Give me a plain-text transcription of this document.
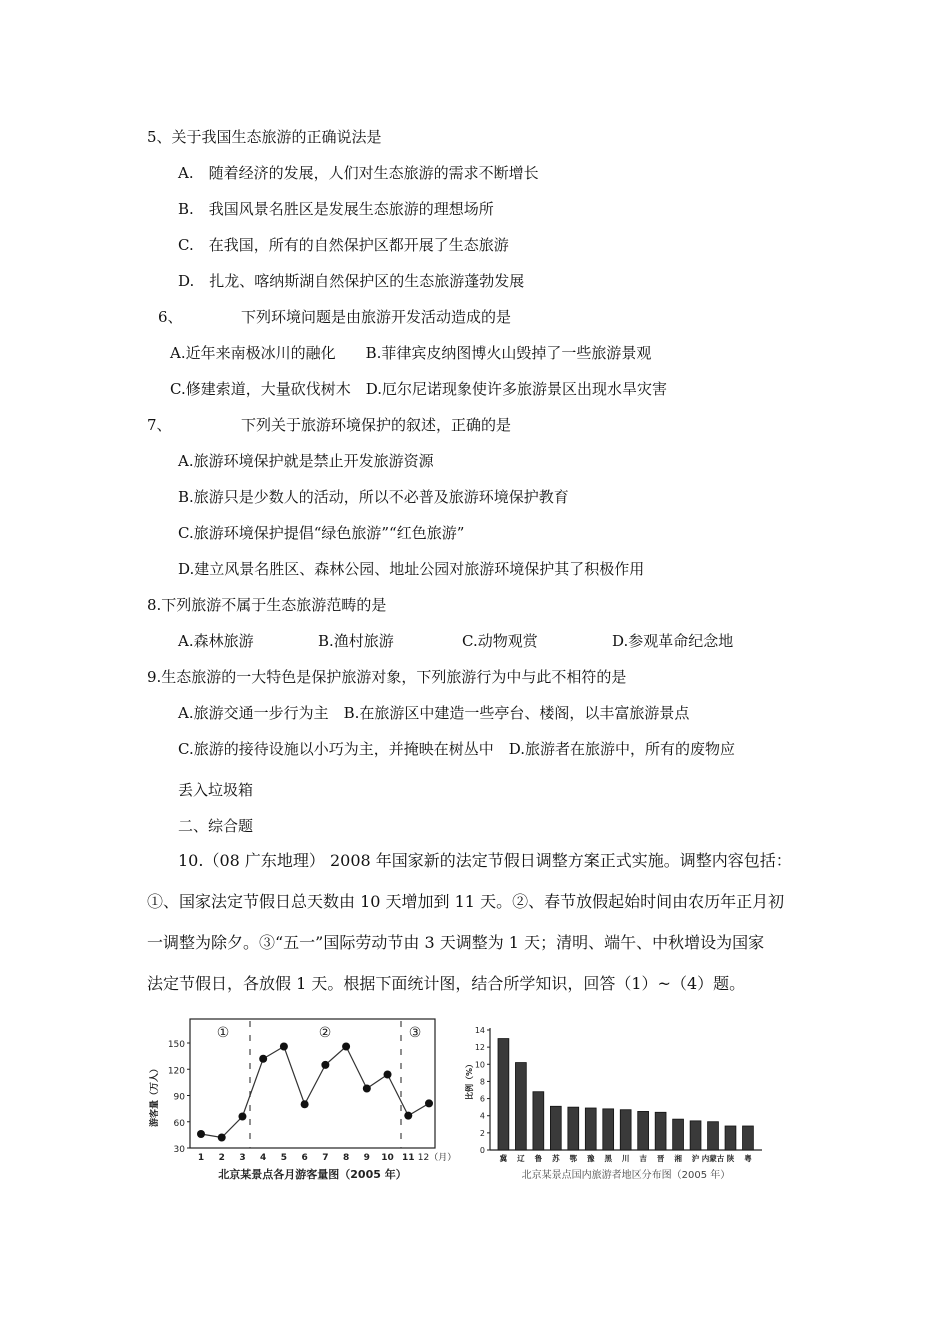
5、关于我国生态旅游的正确说法是
A.　随着经济的发展，人们对生态旅游的需求不断增长
B.　我国风景名胜区是发展生态旅游的理想场所
C.　在我国，所有的自然保护区都开展了生态旅游
D.　扎龙、喀纳斯湖自然保护区的生态旅游蓬勃发展
6、	下列环境问题是由旅游开发活动造成的是
A.近年来南极冰川的融化　　B.菲律宾皮纳图博火山毁掉了一些旅游景观
C.修建索道，大量砍伐树木　D.厄尔尼诺现象使许多旅游景区出现水旱灾害
7、	下列关于旅游环境保护的叙述，正确的是
A.旅游环境保护就是禁止开发旅游资源
B.旅游只是少数人的活动，所以不必普及旅游环境保护教育
C.旅游环境保护提倡“绿色旅游”“红色旅游”
D.建立风景名胜区、森林公园、地址公园对旅游环境保护其了积极作用
8.下列旅游不属于生态旅游范畴的是
A.森林旅游	B.渔村旅游	C.动物观赏	D.参观革命纪念地
9.生态旅游的一大特色是保护旅游对象，下列旅游行为中与此不相符的是
A.旅游交通一步行为主　B.在旅游区中建造一些亭台、楼阁，以丰富旅游景点
C.旅游的接待设施以小巧为主，并掩映在树丛中　D.旅游者在旅游中，所有的废物应
丢入垃圾箱
二、综合题
10.（08 广东地理） 2008 年国家新的法定节假日调整方案正式实施。调整内容包括：
①、国家法定节假日总天数由 10 天增加到 11 天。②、春节放假起始时间由农历年正月初
一调整为除夕。③“五一”国际劳动节由 3 天调整为 1 天；清明、端午、中秋增设为国家
法定节假日，各放假 1 天。根据下面统计图，结合所学知识，回答（1）~（4）题。
30
60
90
120
150
1 2 3 4 5 6 7 8 9 10 11 12（月）
游客量（万人）
①	②	③
北京某景点各月游客量图（2005 年）
0
2
4
6
8
10
12
14
比例（%）
冀 辽 鲁 苏 鄂 豫 黑 川 吉 晋 湘 沪 内蒙古 陕 粤
北京某景点国内旅游者地区分布图（2005 年）
